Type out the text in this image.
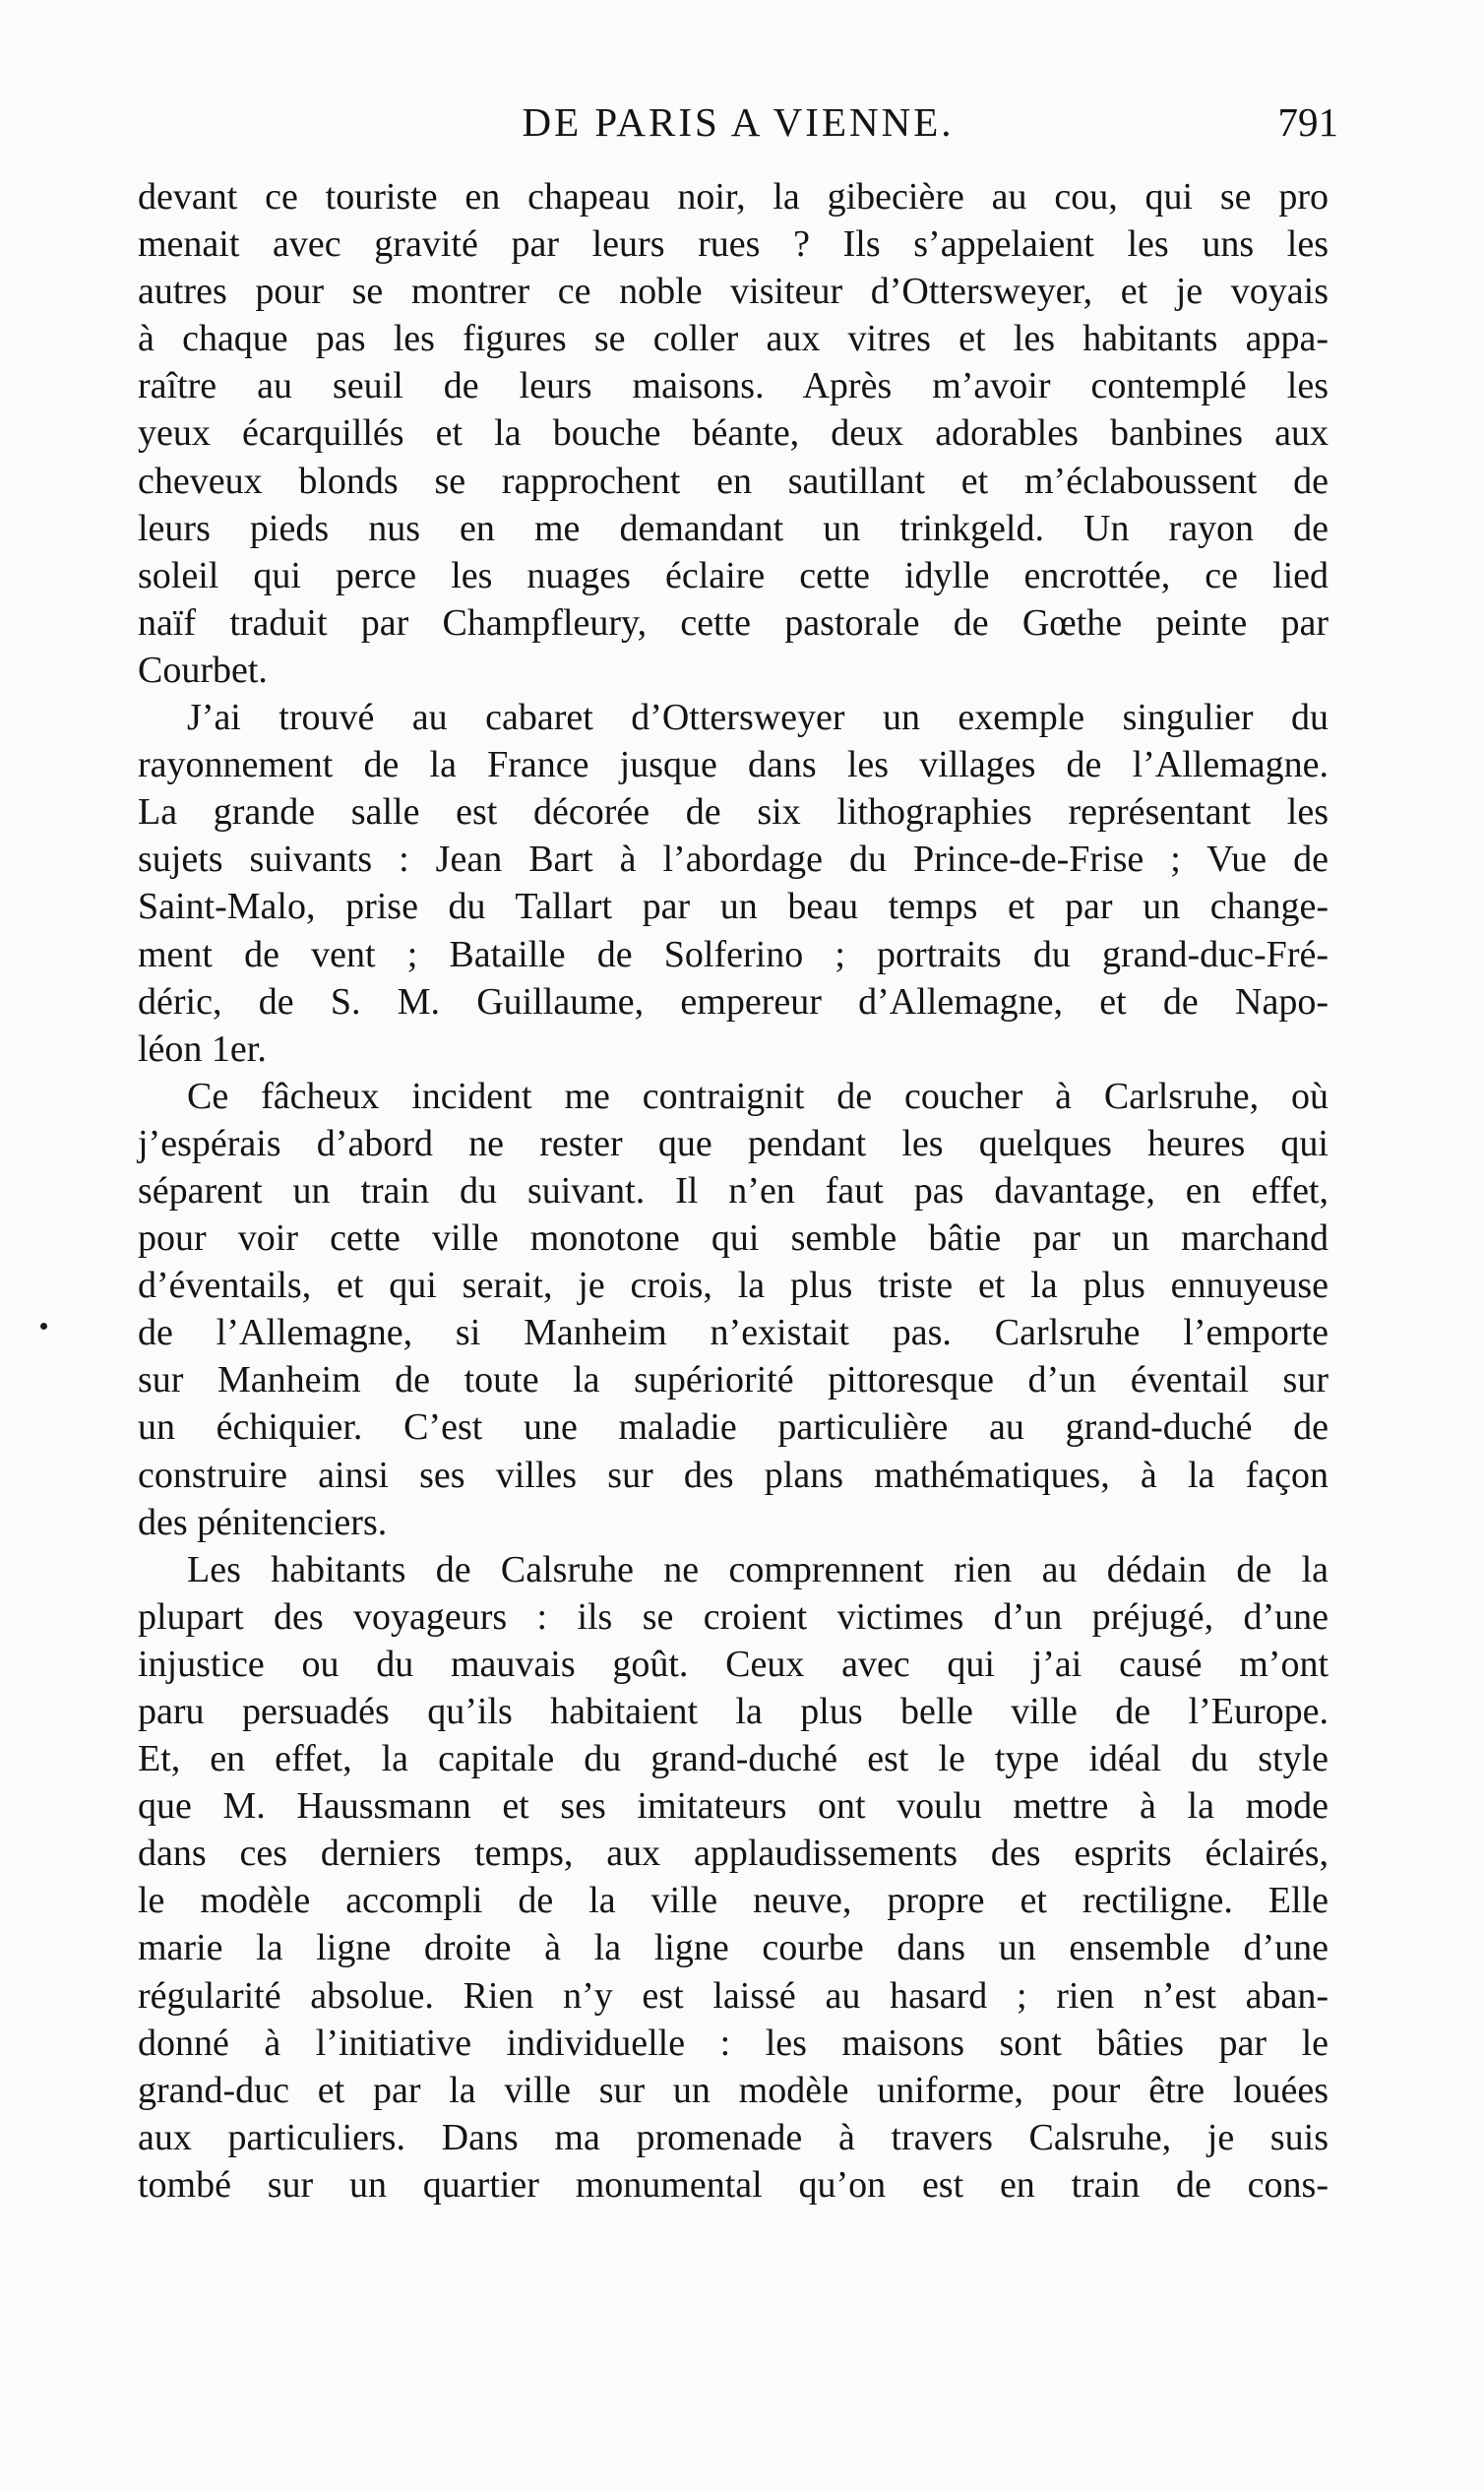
DE PARIS A VIENNE.	791
devant ce touriste en chapeau noir, la gibecière au cou, qui se pro
menait avec gravité par leurs rues ? Ils s’appelaient les uns les
autres pour se montrer ce noble visiteur d’Ottersweyer, et je voyais
à chaque pas les figures se coller aux vitres et les habitants appa-
raître au seuil de leurs maisons. Après m’avoir contemplé les
yeux écarquillés et la bouche béante, deux adorables banbines aux
cheveux blonds se rapprochent en sautillant et m’éclaboussent de
leurs pieds nus en me demandant un trinkgeld. Un rayon de
soleil qui perce les nuages éclaire cette idylle encrottée, ce lied
naïf traduit par Champfleury, cette pastorale de Gœthe peinte par
Courbet.
J’ai trouvé au cabaret d’Ottersweyer un exemple singulier du
rayonnement de la France jusque dans les villages de l’Allemagne.
La grande salle est décorée de six lithographies représentant les
sujets suivants : Jean Bart à l’abordage du Prince-de-Frise ; Vue de
Saint-Malo, prise du Tallart par un beau temps et par un change-
ment de vent ; Bataille de Solferino ; portraits du grand-duc-Fré-
déric, de S. M. Guillaume, empereur d’Allemagne, et de Napo-
léon 1er.
Ce fâcheux incident me contraignit de coucher à Carlsruhe, où
j’espérais d’abord ne rester que pendant les quelques heures qui
séparent un train du suivant. Il n’en faut pas davantage, en effet,
pour voir cette ville monotone qui semble bâtie par un marchand
d’éventails, et qui serait, je crois, la plus triste et la plus ennuyeuse
de l’Allemagne, si Manheim n’existait pas. Carlsruhe l’emporte
sur Manheim de toute la supériorité pittoresque d’un éventail sur
un échiquier. C’est une maladie particulière au grand-duché de
construire ainsi ses villes sur des plans mathématiques, à la façon
des pénitenciers.
Les habitants de Calsruhe ne comprennent rien au dédain de la
plupart des voyageurs : ils se croient victimes d’un préjugé, d’une
injustice ou du mauvais goût. Ceux avec qui j’ai causé m’ont
paru persuadés qu’ils habitaient la plus belle ville de l’Europe.
Et, en effet, la capitale du grand-duché est le type idéal du style
que M. Haussmann et ses imitateurs ont voulu mettre à la mode
dans ces derniers temps, aux applaudissements des esprits éclairés,
le modèle accompli de la ville neuve, propre et rectiligne. Elle
marie la ligne droite à la ligne courbe dans un ensemble d’une
régularité absolue. Rien n’y est laissé au hasard ; rien n’est aban-
donné à l’initiative individuelle : les maisons sont bâties par le
grand-duc et par la ville sur un modèle uniforme, pour être louées
aux particuliers. Dans ma promenade à travers Calsruhe, je suis
tombé sur un quartier monumental qu’on est en train de cons-
